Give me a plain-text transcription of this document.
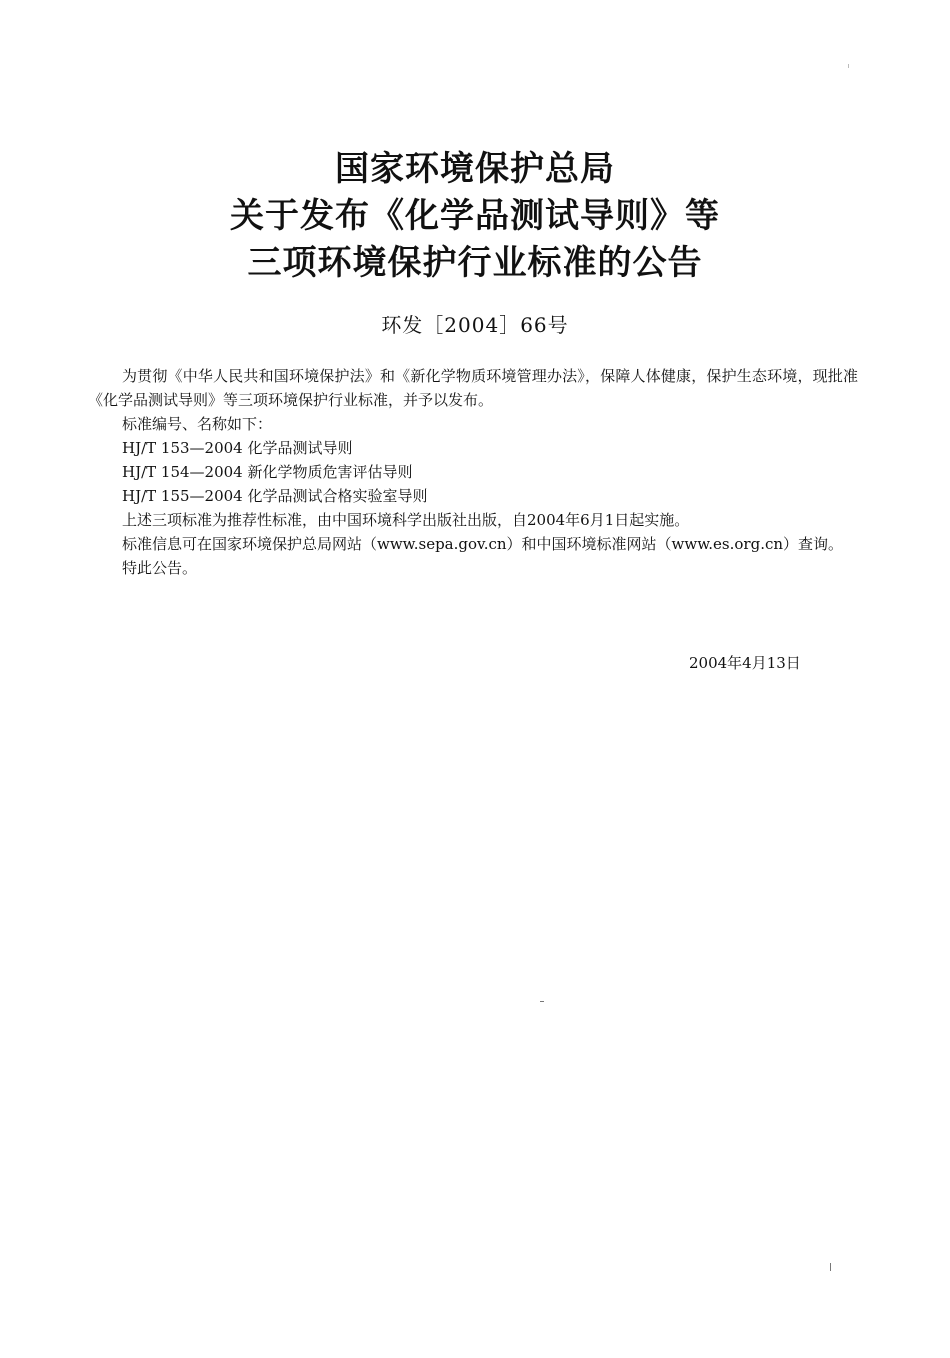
国家环境保护总局
关于发布《化学品测试导则》等
三项环境保护行业标准的公告
环发［2004］66号

为贯彻《中华人民共和国环境保护法》和《新化学物质环境管理办法》，保障人体健康，保护生态环境，现批准《化学品测试导则》等三项环境保护行业标准，并予以发布。

标准编号、名称如下：

HJ/T 153—2004 化学品测试导则

HJ/T 154—2004 新化学物质危害评估导则

HJ/T 155—2004 化学品测试合格实验室导则

上述三项标准为推荐性标准，由中国环境科学出版社出版，自2004年6月1日起实施。

标准信息可在国家环境保护总局网站（www.sepa.gov.cn）和中国环境标准网站（www.es.org.cn）查询。

特此公告。

2004年4月13日
